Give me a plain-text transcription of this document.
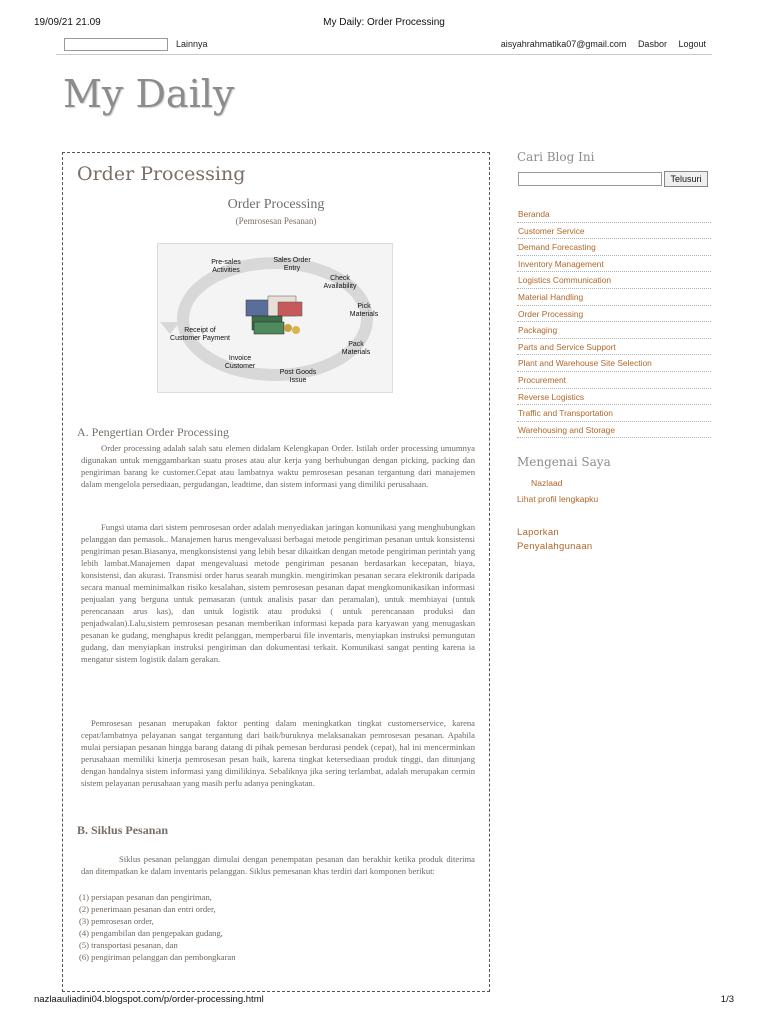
19/09/21 21.09	My Daily: Order Processing
Lainnya	aisyahrahmatika07@gmail.com Dasbor Logout
My Daily
Order Processing
Order Processing
(Pemrosesan Pesanan)
Pre-sales
Activities
Sales Order
Entry
Check
Availability
Pick
Materials
Pack
Materials
Post Goods
Issue
Invoice
Customer
Receipt of
Customer Payment
A. Pengertian Order Processing

Order processing adalah salah satu elemen didalam Kelengkapan Order. Istilah order processing umumnya digunakan untuk menggambarkan suatu proses atau alur kerja yang berhubungan dengan picking, packing dan pengiriman barang ke customer.Cepat atau lambatnya waktu pemrosesan pesanan tergantung dari manajemen dalam mengelola persediaan, pergudangan, leadtime, dan sistem informasi yang dimiliki perusahaan.

Fungsi utama dari sistem pemrosesan order adalah menyediakan jaringan komunikasi yang menghubungkan pelanggan dan pemasok.. Manajemen harus mengevaluasi berbagai metode pengiriman pesanan untuk konsistensi pengiriman pesan.Biasanya, mengkonsistensi yang lebih besar dikaitkan dengan metode pengiriman perintah yang lebih lambat.Manajemen dapat mengevaluasi metode pengiriman pesanan berdasarkan kecepatan, biaya, konsistensi, dan akurasi. Transmisi order harus searah mungkin. mengirimkan pesanan secara elektronik daripada secara manual meminimalkan risiko kesalahan, sistem pemrosesan pesanan dapat mengkomunikasikan informasi penjualan yang berguna untuk pemasaran (untuk analisis pasar dan peramalan), untuk membiayai (untuk perencanaan arus kas), dan untuk logistik atau produksi ( untuk perencanaan produksi dan penjadwalan).Lalu,sistem pemrosesan pesanan memberikan informasi kepada para karyawan yang menugaskan pesanan ke gudang, menghapus kredit pelanggan, memperbarui file inventaris, menyiapkan instruksi pemungutan gudang, dan menyiapkan instruksi pengiriman dan dokumentasi terkait. Komunikasi sangat penting karena ia mengatur sistem logistik dalam gerakan.

Pemrosesan pesanan merupakan faktor penting dalam meningkatkan tingkat customerservice, karena cepat/lambatnya pelayanan sangat tergantung dari baik/buruknya melaksanakan pemrosesan pesanan. Apabila mulai persiapan pesanan hingga barang datang di pihak pemesan berdurasi pendek (cepat), hal ini mencerminkan perusahaan memiliki kinerja pemrosesan pesan baik, karena tingkat ketersediaan produk tinggi, dan ditunjang dengan handalnya sistem informasi yang dimilikinya. Sebaliknya jika sering terlambat, adalah merupakan cermin sistem pelayanan perusahaan yang masih perlu adanya peningkatan.

B. Siklus Pesanan

Siklus pesanan pelanggan dimulai dengan penempatan pesanan dan berakhir ketika produk diterima dan ditempatkan ke dalam inventaris pelanggan. Siklus pemesanan khas terdiri dari komponen berikut:

(1) persiapan pesanan dan pengiriman,
(2) penerimaan pesanan dan entri order,
(3) pemrosesan order,
(4) pengambilan dan pengepakan gudang,
(5) transportasi pesanan, dan
(6) pengiriman pelanggan dan pembongkaran
Cari Blog Ini
Telusuri
Beranda
Customer Service
Demand Forecasting
Inventory Management
Logistics Communication
Material Handling
Order Processing
Packaging
Parts and Service Support
Plant and Warehouse Site Selection
Procurement
Reverse Logistics
Traffic and Transportation
Warehousing and Storage
Mengenai Saya
Nazlaad
Lihat profil lengkapku
Laporkan
Penyalahgunaan
nazlaauliadini04.blogspot.com/p/order-processing.html	1/3
